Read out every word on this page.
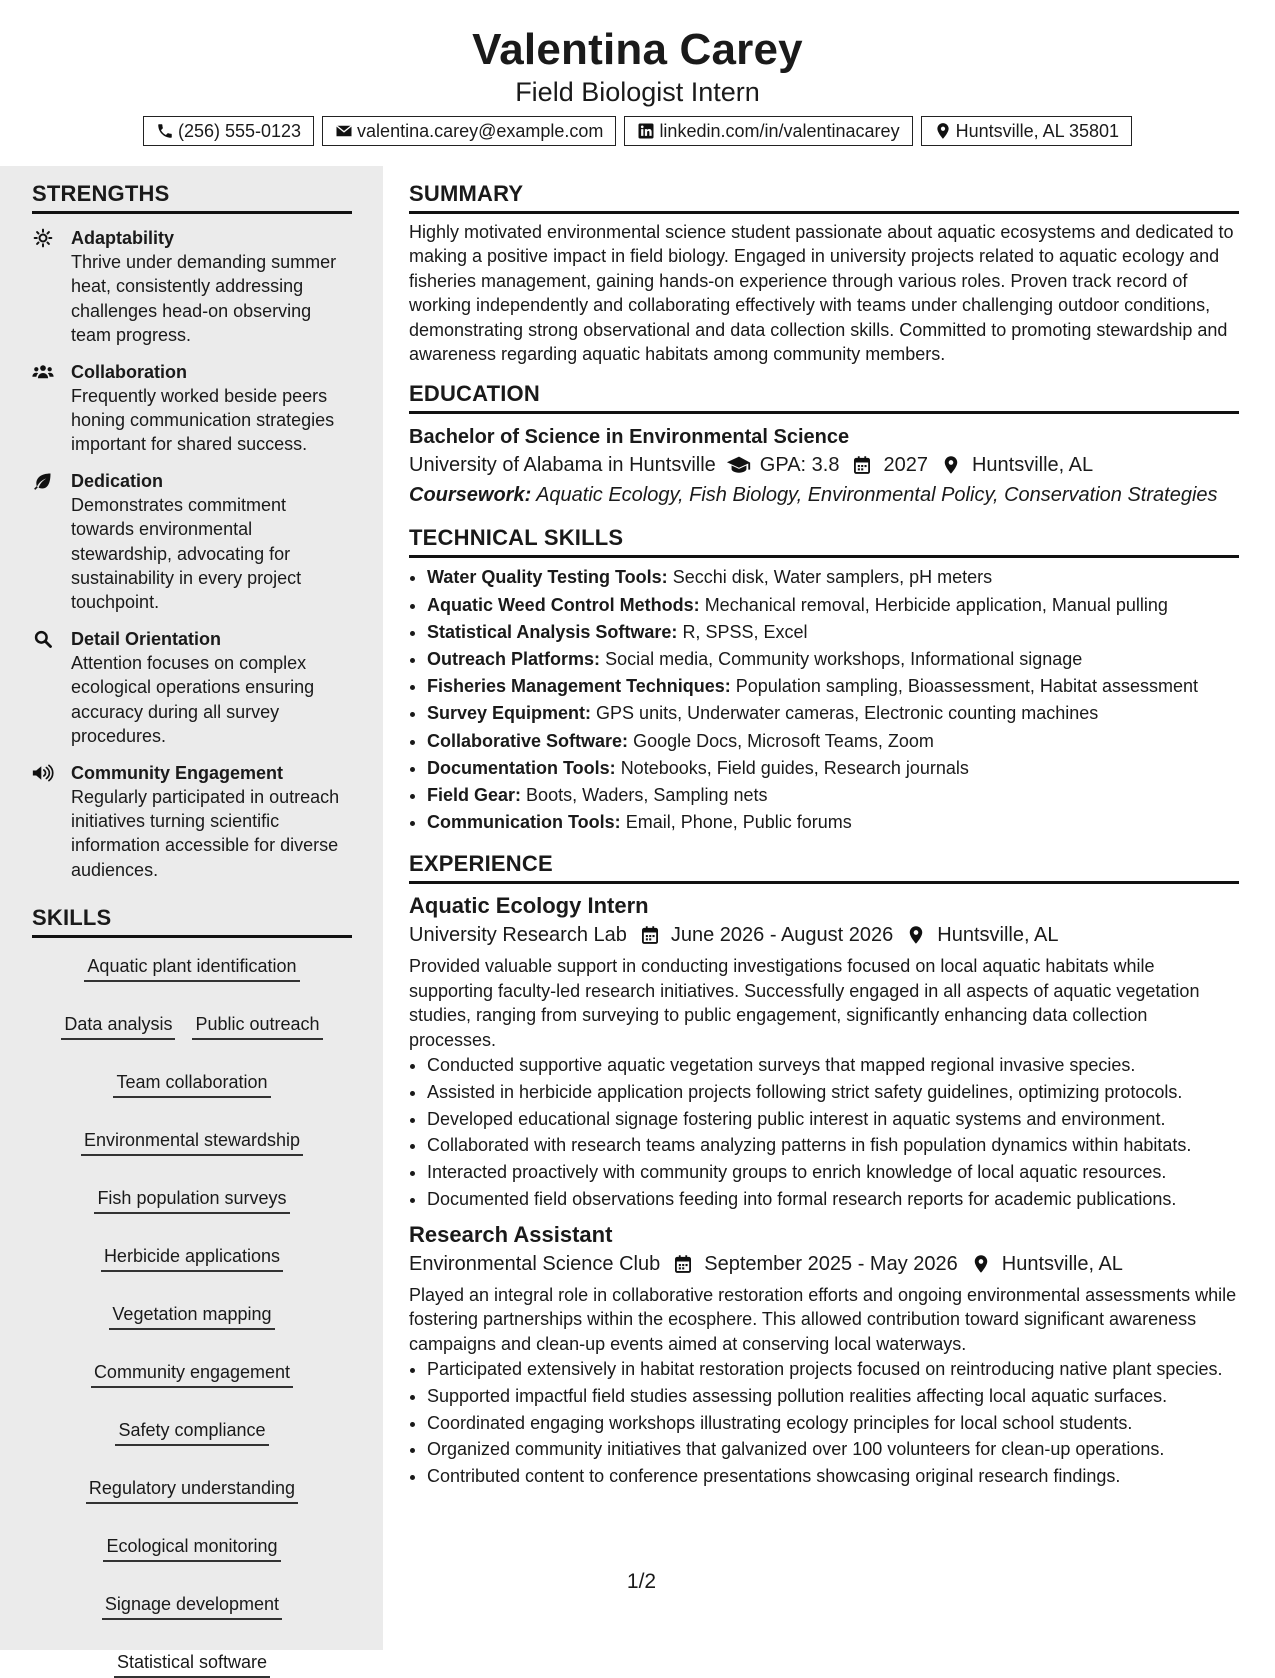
Valentina Carey
Field Biologist Intern
(256) 555-0123	valentina.carey@example.com	linkedin.com/in/valentinacarey	Huntsville, AL 35801
STRENGTHS
Adaptability
Thrive under demanding summer heat, consistently addressing challenges head-on observing team progress.
Collaboration
Frequently worked beside peers honing communication strategies important for shared success.
Dedication
Demonstrates commitment towards environmental stewardship, advocating for sustainability in every project touchpoint.
Detail Orientation
Attention focuses on complex ecological operations ensuring accuracy during all survey procedures.
Community Engagement
Regularly participated in outreach initiatives turning scientific information accessible for diverse audiences.
SKILLS
Aquatic plant identification
Data analysis Public outreach
Team collaboration
Environmental stewardship
Fish population surveys
Herbicide applications
Vegetation mapping
Community engagement
Safety compliance
Regulatory understanding
Ecological monitoring
Signage development
Statistical software
SUMMARY
Highly motivated environmental science student passionate about aquatic ecosystems and dedicated to making a positive impact in field biology. Engaged in university projects related to aquatic ecology and fisheries management, gaining hands-on experience through various roles. Proven track record of working independently and collaborating effectively with teams under challenging outdoor conditions, demonstrating strong observational and data collection skills. Committed to promoting stewardship and awareness regarding aquatic habitats among community members.
EDUCATION
Bachelor of Science in Environmental Science
University of Alabama in Huntsville GPA: 3.8 2027 Huntsville, AL
Coursework: Aquatic Ecology, Fish Biology, Environmental Policy, Conservation Strategies
TECHNICAL SKILLS
• Water Quality Testing Tools: Secchi disk, Water samplers, pH meters
• Aquatic Weed Control Methods: Mechanical removal, Herbicide application, Manual pulling
• Statistical Analysis Software: R, SPSS, Excel
• Outreach Platforms: Social media, Community workshops, Informational signage
• Fisheries Management Techniques: Population sampling, Bioassessment, Habitat assessment
• Survey Equipment: GPS units, Underwater cameras, Electronic counting machines
• Collaborative Software: Google Docs, Microsoft Teams, Zoom
• Documentation Tools: Notebooks, Field guides, Research journals
• Field Gear: Boots, Waders, Sampling nets
• Communication Tools: Email, Phone, Public forums
EXPERIENCE
Aquatic Ecology Intern
University Research Lab June 2026 - August 2026 Huntsville, AL
Provided valuable support in conducting investigations focused on local aquatic habitats while supporting faculty-led research initiatives. Successfully engaged in all aspects of aquatic vegetation studies, ranging from surveying to public engagement, significantly enhancing data collection processes.
• Conducted supportive aquatic vegetation surveys that mapped regional invasive species.
• Assisted in herbicide application projects following strict safety guidelines, optimizing protocols.
• Developed educational signage fostering public interest in aquatic systems and environment.
• Collaborated with research teams analyzing patterns in fish population dynamics within habitats.
• Interacted proactively with community groups to enrich knowledge of local aquatic resources.
• Documented field observations feeding into formal research reports for academic publications.
Research Assistant
Environmental Science Club September 2025 - May 2026 Huntsville, AL
Played an integral role in collaborative restoration efforts and ongoing environmental assessments while fostering partnerships within the ecosphere. This allowed contribution toward significant awareness campaigns and clean-up events aimed at conserving local waterways.
• Participated extensively in habitat restoration projects focused on reintroducing native plant species.
• Supported impactful field studies assessing pollution realities affecting local aquatic surfaces.
• Coordinated engaging workshops illustrating ecology principles for local school students.
• Organized community initiatives that galvanized over 100 volunteers for clean-up operations.
• Contributed content to conference presentations showcasing original research findings.
1/2
